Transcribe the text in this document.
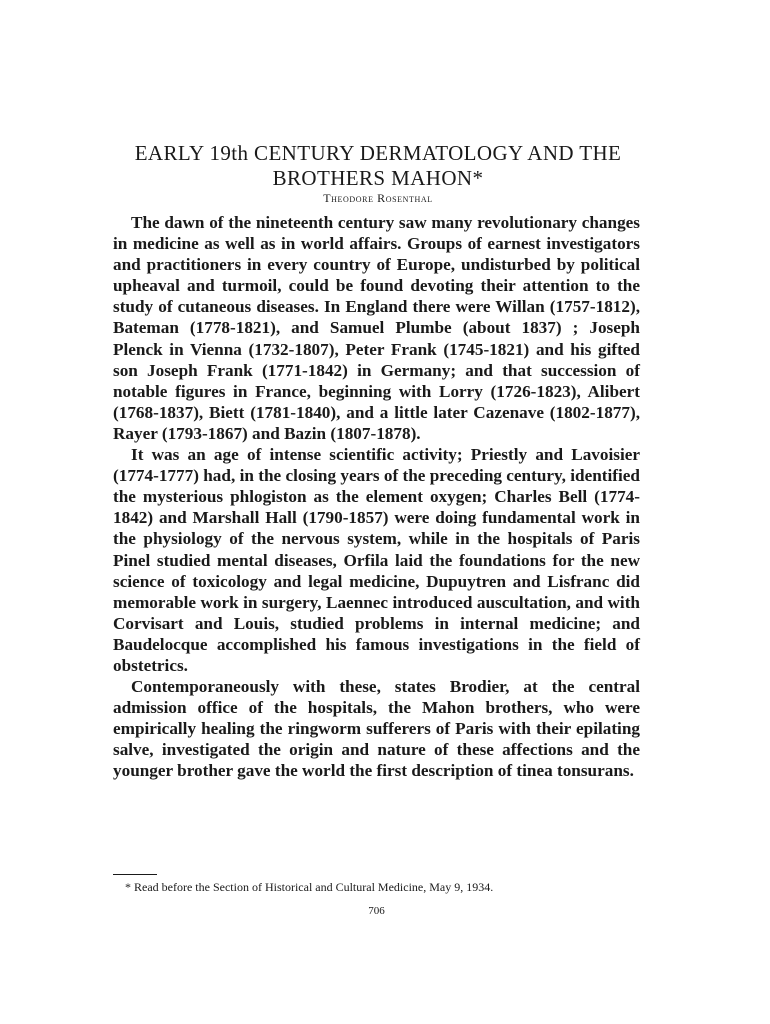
EARLY 19th CENTURY DERMATOLOGY AND THE
BROTHERS MAHON*
Theodore Rosenthal

The dawn of the nineteenth century saw many revolutionary changes in medicine as well as in world affairs. Groups of earnest investigators and practitioners in every country of Europe, undisturbed by political upheaval and turmoil, could be found devoting their attention to the study of cutaneous diseases. In England there were Willan (1757-1812), Bateman (1778-1821), and Samuel Plumbe (about 1837) ; Joseph Plenck in Vienna (1732-1807), Peter Frank (1745-1821) and his gifted son Joseph Frank (1771-1842) in Germany; and that succession of notable figures in France, beginning with Lorry (1726-1823), Alibert (1768-1837), Biett (1781-1840), and a little later Cazenave (1802-1877), Rayer (1793-1867) and Bazin (1807-1878).

It was an age of intense scientific activity; Priestly and Lavoisier (1774-1777) had, in the closing years of the preceding century, identified the mysterious phlogiston as the element oxygen; Charles Bell (1774-1842) and Marshall Hall (1790-1857) were doing fundamental work in the physiology of the nervous system, while in the hospitals of Paris Pinel studied mental diseases, Orfila laid the foundations for the new science of toxicology and legal medicine, Dupuytren and Lisfranc did memorable work in surgery, Laennec introduced auscultation, and with Corvisart and Louis, studied problems in internal medicine; and Baudelocque accomplished his famous investigations in the field of obstetrics.

Contemporaneously with these, states Brodier, at the central admission office of the hospitals, the Mahon brothers, who were empirically healing the ringworm sufferers of Paris with their epilating salve, investigated the origin and nature of these affections and the younger brother gave the world the first description of tinea tonsurans.

* Read before the Section of Historical and Cultural Medicine, May 9, 1934.
706
